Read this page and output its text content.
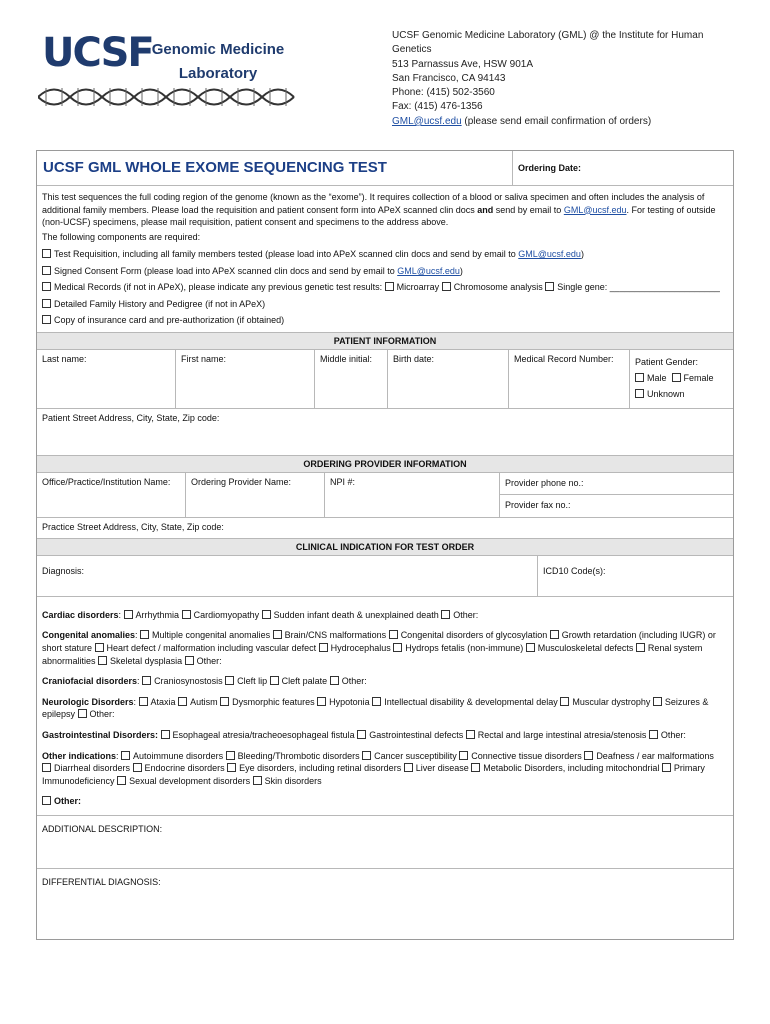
UCSF Genomic Medicine
Laboratory
UCSF Genomic Medicine Laboratory (GML) @ the Institute for Human
Genetics
513 Parnassus Ave, HSW 901A
San Francisco, CA 94143
Phone: (415) 502-3560
Fax: (415) 476-1356
GML@ucsf.edu (please send email confirmation of orders)
UCSF GML WHOLE EXOME SEQUENCING TEST	Ordering Date:

This test sequences the full coding region of the genome (known as the “exome”). It requires collection of a blood or saliva specimen and often includes the analysis of additional family members. Please load the requisition and patient consent form into APeX scanned clin docs and send by email to GML@ucsf.edu. For testing of outside (non-UCSF) specimens, please mail requisition, patient consent and specimens to the address above.

The following components are required:
Test Requisition, including all family members tested (please load into APeX scanned clin docs and send by email to GML@ucsf.edu)
Signed Consent Form (please load into APeX scanned clin docs and send by email to GML@ucsf.edu)
Medical Records (if not in APeX), please indicate any previous genetic test results: Microarray Chromosome analysis Single gene: ______________________
Detailed Family History and Pedigree (if not in APeX)
Copy of insurance card and pre-authorization (if obtained)
PATIENT INFORMATION
Last name:	First name:	Middle initial:	Birth date:	Medical Record Number:	Patient Gender:
Male Female
Unknown
Patient Street Address, City, State, Zip code:
ORDERING PROVIDER INFORMATION
Office/Practice/Institution Name:	Ordering Provider Name:	NPI #:	Provider phone no.:
Provider fax no.:
Practice Street Address, City, State, Zip code:
CLINICAL INDICATION FOR TEST ORDER
Diagnosis:	ICD10 Code(s):
Cardiac disorders: Arrhythmia Cardiomyopathy Sudden infant death & unexplained death Other:
Congenital anomalies: Multiple congenital anomalies Brain/CNS malformations Congenital disorders of glycosylation Growth retardation (including IUGR) or short stature Heart defect / malformation including vascular defect Hydrocephalus Hydrops fetalis (non-immune) Musculoskeletal defects Renal system abnormalities Skeletal dysplasia Other:
Craniofacial disorders: Craniosynostosis Cleft lip Cleft palate Other:
Neurologic Disorders: Ataxia Autism Dysmorphic features Hypotonia Intellectual disability & developmental delay Muscular dystrophy Seizures & epilepsy Other:
Gastrointestinal Disorders: Esophageal atresia/tracheoesophageal fistula Gastrointestinal defects Rectal and large intestinal atresia/stenosis Other:
Other indications: Autoimmune disorders Bleeding/Thrombotic disorders Cancer susceptibility Connective tissue disorders Deafness / ear malformations Diarrheal disorders Endocrine disorders Eye disorders, including retinal disorders Liver disease Metabolic Disorders, including mitochondrial Primary Immunodeficiency Sexual development disorders Skin disorders
Other:
ADDITIONAL DESCRIPTION:
DIFFERENTIAL DIAGNOSIS:
